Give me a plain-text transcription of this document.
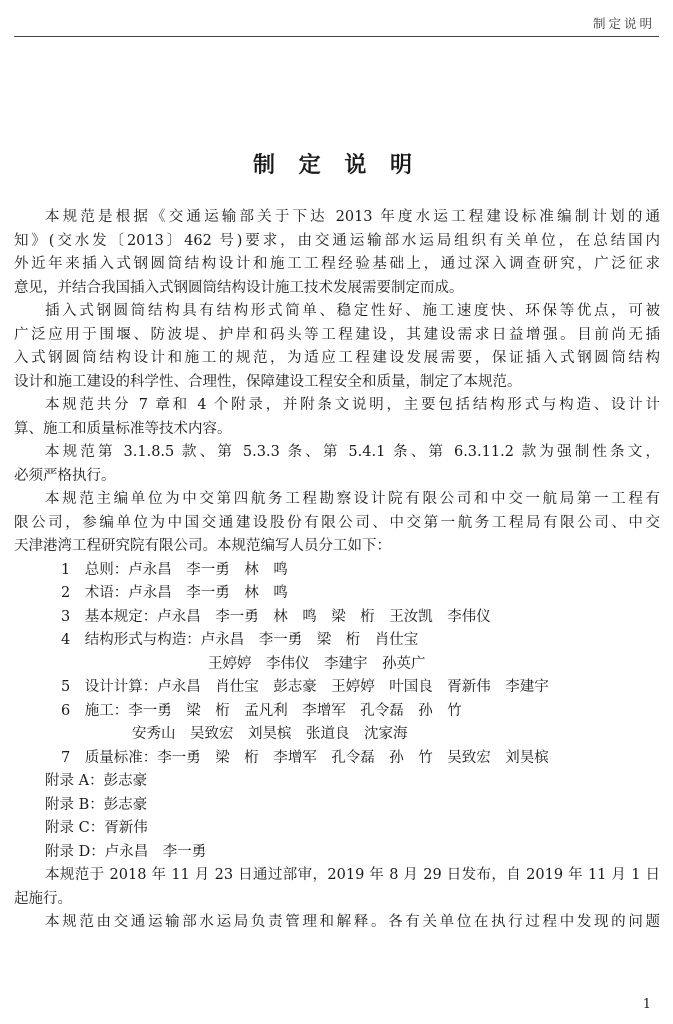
制定说明
制 定 说 明
本规范是根据《交通运输部关于下达 2013 年度水运工程建设标准编制计划的通
知》(交水发〔2013〕462 号)要求，由交通运输部水运局组织有关单位，在总结国内
外近年来插入式钢圆筒结构设计和施工工程经验基础上，通过深入调查研究，广泛征求
意见，并结合我国插入式钢圆筒结构设计施工技术发展需要制定而成。
插入式钢圆筒结构具有结构形式简单、稳定性好、施工速度快、环保等优点，可被
广泛应用于围堰、防波堤、护岸和码头等工程建设，其建设需求日益增强。目前尚无插
入式钢圆筒结构设计和施工的规范，为适应工程建设发展需要，保证插入式钢圆筒结构
设计和施工建设的科学性、合理性，保障建设工程安全和质量，制定了本规范。
本规范共分 7 章和 4 个附录，并附条文说明，主要包括结构形式与构造、设计计
算、施工和质量标准等技术内容。
本规范第 3.1.8.5 款、第 5.3.3 条、第 5.4.1 条、第 6.3.11.2 款为强制性条文，
必须严格执行。
本规范主编单位为中交第四航务工程勘察设计院有限公司和中交一航局第一工程有
限公司，参编单位为中国交通建设股份有限公司、中交第一航务工程局有限公司、中交
天津港湾工程研究院有限公司。本规范编写人员分工如下：
1　总则：卢永昌　李一勇　林　鸣
2　术语：卢永昌　李一勇　林　鸣
3　基本规定：卢永昌　李一勇　林　鸣　梁　桁　王汝凯　李伟仪
4　结构形式与构造：卢永昌　李一勇　梁　桁　肖仕宝
王婷婷　李伟仪　李建宇　孙英广
5　设计计算：卢永昌　肖仕宝　彭志豪　王婷婷　叶国良　胥新伟　李建宇
6　施工：李一勇　梁　桁　孟凡利　李增军　孔令磊　孙　竹
安秀山　吴致宏　刘昊槟　张道良　沈家海
7　质量标准：李一勇　梁　桁　李增军　孔令磊　孙　竹　吴致宏　刘昊槟
附录 A：彭志豪
附录 B：彭志豪
附录 C：胥新伟
附录 D：卢永昌　李一勇
本规范于 2018 年 11 月 23 日通过部审，2019 年 8 月 29 日发布，自 2019 年 11 月 1 日
起施行。
本规范由交通运输部水运局负责管理和解释。各有关单位在执行过程中发现的问题
1
